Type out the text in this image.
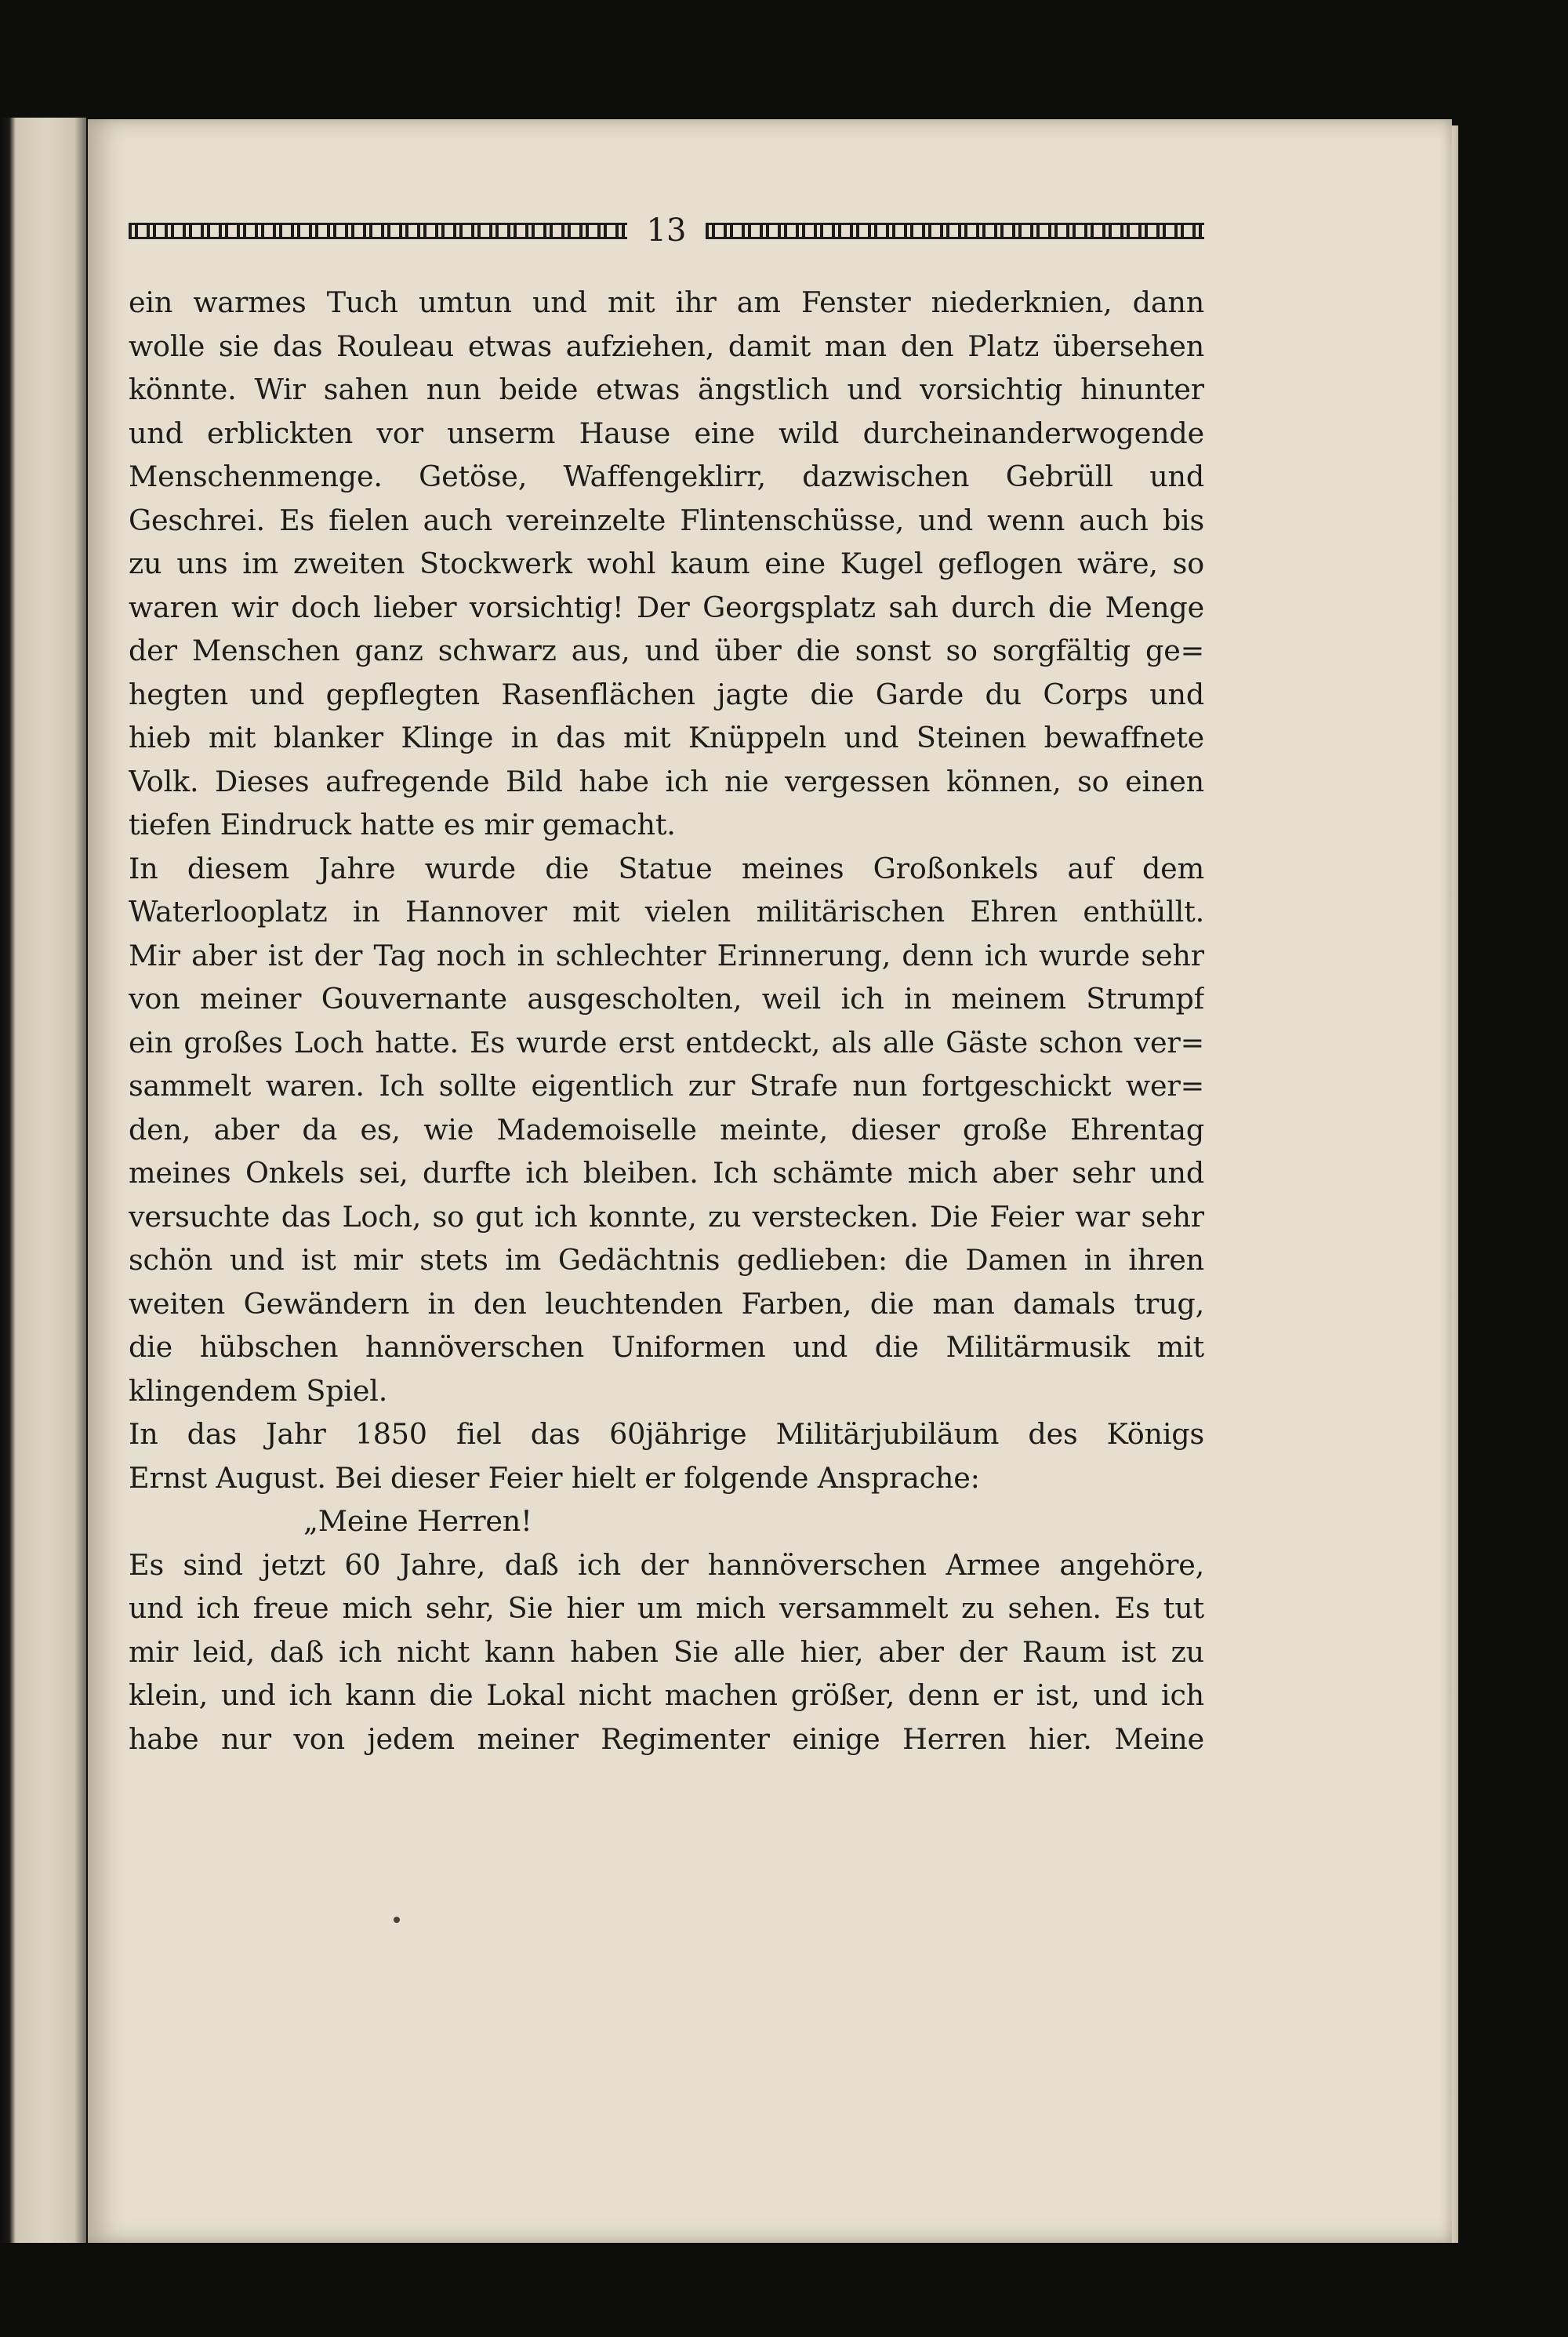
13
ein warmes Tuch umtun und mit ihr am Fenster niederknien, dann
wolle sie das Rouleau etwas aufziehen, damit man den Platz übersehen
könnte. Wir sahen nun beide etwas ängstlich und vorsichtig hinunter
und erblickten vor unserm Hause eine wild durcheinanderwogende
Menschenmenge. Getöse, Waffengeklirr, dazwischen Gebrüll und
Geschrei. Es fielen auch vereinzelte Flintenschüsse, und wenn auch bis
zu uns im zweiten Stockwerk wohl kaum eine Kugel geflogen wäre, so
waren wir doch lieber vorsichtig! Der Georgsplatz sah durch die Menge
der Menschen ganz schwarz aus, und über die sonst so sorgfältig ge=
hegten und gepflegten Rasenflächen jagte die Garde du Corps und
hieb mit blanker Klinge in das mit Knüppeln und Steinen bewaffnete
Volk. Dieses aufregende Bild habe ich nie vergessen können, so einen
tiefen Eindruck hatte es mir gemacht.
In diesem Jahre wurde die Statue meines Großonkels auf dem
Waterlooplatz in Hannover mit vielen militärischen Ehren enthüllt.
Mir aber ist der Tag noch in schlechter Erinnerung, denn ich wurde sehr
von meiner Gouvernante ausgescholten, weil ich in meinem Strumpf
ein großes Loch hatte. Es wurde erst entdeckt, als alle Gäste schon ver=
sammelt waren. Ich sollte eigentlich zur Strafe nun fortgeschickt wer=
den, aber da es, wie Mademoiselle meinte, dieser große Ehrentag
meines Onkels sei, durfte ich bleiben. Ich schämte mich aber sehr und
versuchte das Loch, so gut ich konnte, zu verstecken. Die Feier war sehr
schön und ist mir stets im Gedächtnis gedlieben: die Damen in ihren
weiten Gewändern in den leuchtenden Farben, die man damals trug,
die hübschen hannöverschen Uniformen und die Militärmusik mit
klingendem Spiel.
In das Jahr 1850 fiel das 60jährige Militärjubiläum des Königs
Ernst August. Bei dieser Feier hielt er folgende Ansprache:
„Meine Herren!
Es sind jetzt 60 Jahre, daß ich der hannöverschen Armee angehöre,
und ich freue mich sehr, Sie hier um mich versammelt zu sehen. Es tut
mir leid, daß ich nicht kann haben Sie alle hier, aber der Raum ist zu
klein, und ich kann die Lokal nicht machen größer, denn er ist, und ich
habe nur von jedem meiner Regimenter einige Herren hier. Meine
